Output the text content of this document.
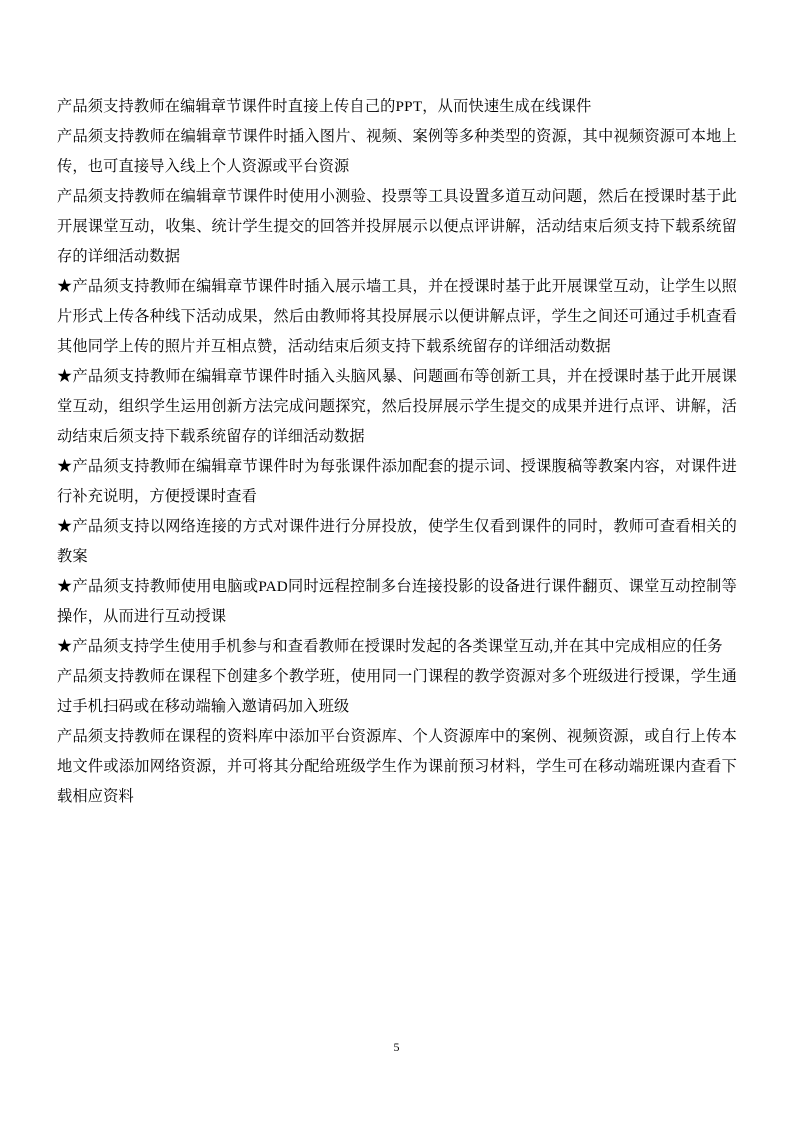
产品须支持教师在编辑章节课件时直接上传自己的PPT，从而快速生成在线课件

产品须支持教师在编辑章节课件时插入图片、视频、案例等多种类型的资源，其中视频资源可本地上传，也可直接导入线上个人资源或平台资源

产品须支持教师在编辑章节课件时使用小测验、投票等工具设置多道互动问题，然后在授课时基于此开展课堂互动，收集、统计学生提交的回答并投屏展示以便点评讲解，活动结束后须支持下载系统留存的详细活动数据

★产品须支持教师在编辑章节课件时插入展示墙工具，并在授课时基于此开展课堂互动，让学生以照片形式上传各种线下活动成果，然后由教师将其投屏展示以便讲解点评，学生之间还可通过手机查看其他同学上传的照片并互相点赞，活动结束后须支持下载系统留存的详细活动数据

★产品须支持教师在编辑章节课件时插入头脑风暴、问题画布等创新工具，并在授课时基于此开展课堂互动，组织学生运用创新方法完成问题探究，然后投屏展示学生提交的成果并进行点评、讲解，活动结束后须支持下载系统留存的详细活动数据

★产品须支持教师在编辑章节课件时为每张课件添加配套的提示词、授课腹稿等教案内容，对课件进行补充说明，方便授课时查看

★产品须支持以网络连接的方式对课件进行分屏投放，使学生仅看到课件的同时，教师可查看相关的教案

★产品须支持教师使用电脑或PAD同时远程控制多台连接投影的设备进行课件翻页、课堂互动控制等操作，从而进行互动授课

★产品须支持学生使用手机参与和查看教师在授课时发起的各类课堂互动,并在其中完成相应的任务

产品须支持教师在课程下创建多个教学班，使用同一门课程的教学资源对多个班级进行授课，学生通过手机扫码或在移动端输入邀请码加入班级

产品须支持教师在课程的资料库中添加平台资源库、个人资源库中的案例、视频资源，或自行上传本地文件或添加网络资源，并可将其分配给班级学生作为课前预习材料，学生可在移动端班课内查看下载相应资料

5
